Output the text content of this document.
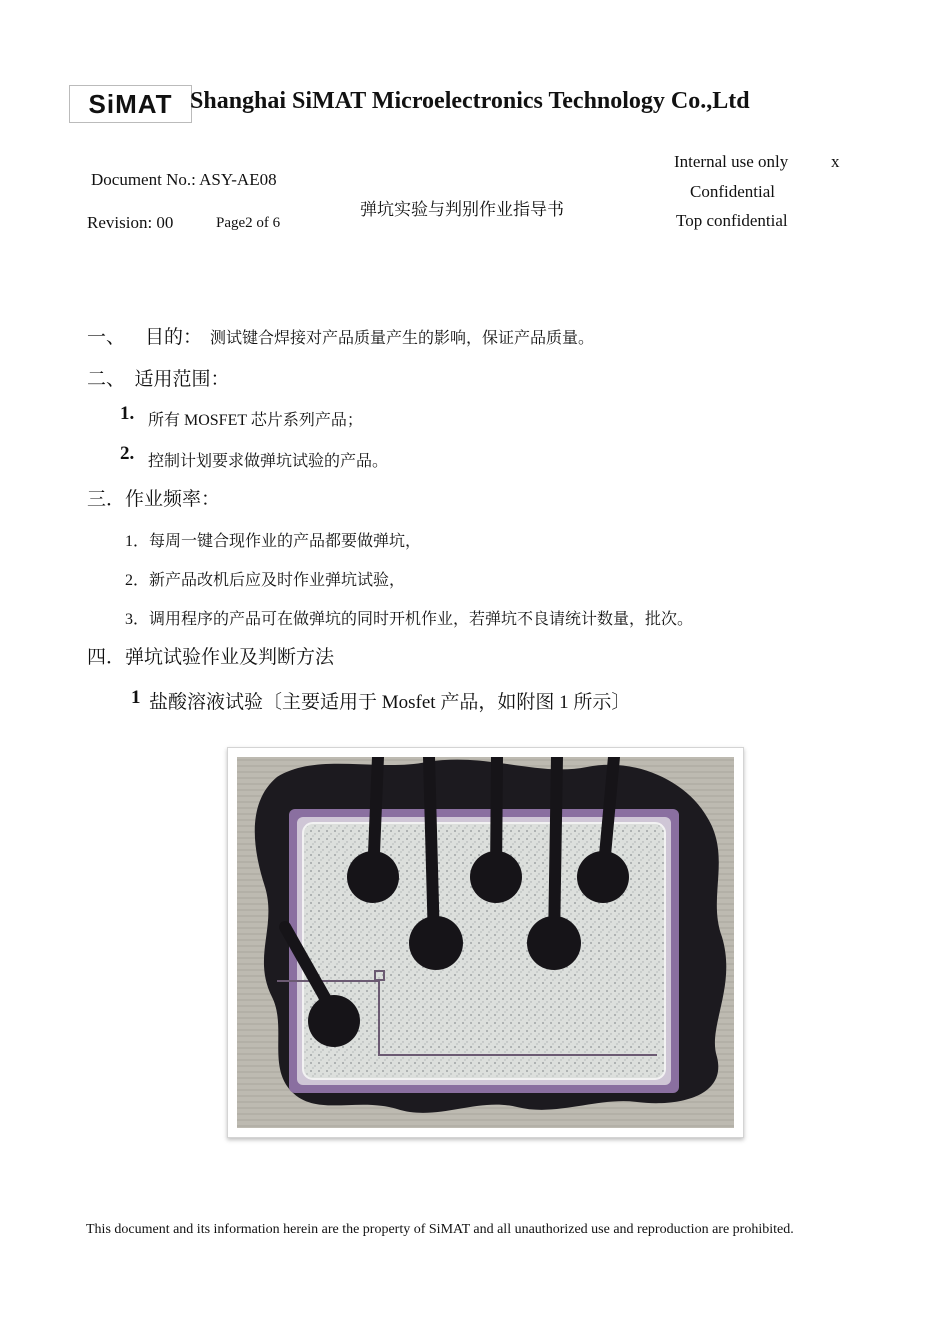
SiMAT Shanghai SiMAT Microelectronics Technology Co.,Ltd
Document No.: ASY-AE08
Revision: 00	Page2 of 6
弹坑实验与判别作业指导书
Internal use only
Confidential
Top confidential
x
一、 目的： 测试键合焊接对产品质量产生的影响，保证产品质量。
二、  适用范围：
1. 所有 MOSFET 芯片系列产品；
2. 控制计划要求做弹坑试验的产品。
三．作业频率：
1．每周一键合现作业的产品都要做弹坑，
2．新产品改机后应及时作业弹坑试验，
3．调用程序的产品可在做弹坑的同时开机作业，若弹坑不良请统计数量，批次。
四．弹坑试验作业及判断方法
1 盐酸溶液试验〔主要适用于 Mosfet 产品，如附图 1 所示〕
This document and its information herein are the property of SiMAT and all unauthorized use and reproduction are prohibited.
